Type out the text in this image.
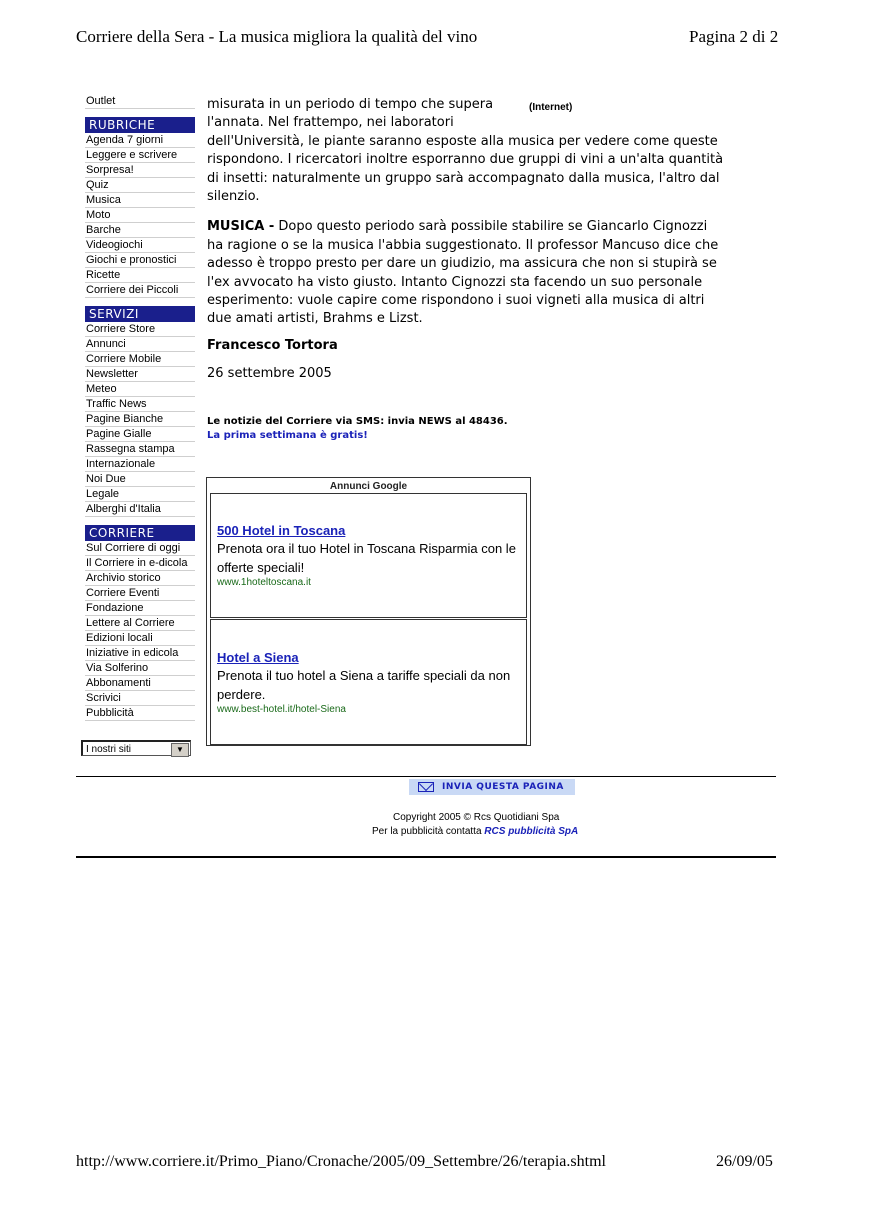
Corriere della Sera - La musica migliora la qualità del vino	Pagina 2 di 2
Outlet
RUBRICHE
Agenda 7 giorni
Leggere e scrivere
Sorpresa!
Quiz
Musica
Moto
Barche
Videogiochi
Giochi e pronostici
Ricette
Corriere dei Piccoli
SERVIZI
Corriere Store
Annunci
Corriere Mobile
Newsletter
Meteo
Traffic News
Pagine Bianche
Pagine Gialle
Rassegna stampa
Internazionale
Noi Due
Legale
Alberghi d'Italia
CORRIERE
Sul Corriere di oggi
Il Corriere in e-dicola
Archivio storico
Corriere Eventi
Fondazione
Lettere al Corriere
Edizioni locali
Iniziative in edicola
Via Solferino
Abbonamenti
Scrivici
Pubblicità
I nostri siti	▼

misurata in un periodo di tempo che supera
l'annata. Nel frattempo, nei laboratori
dell'Università, le piante saranno esposte alla musica per vedere come queste rispondono. I ricercatori inoltre esporranno due gruppi di vini a un'alta quantità di insetti: naturalmente un gruppo sarà accompagnato dalla musica, l'altro dal silenzio.

MUSICA - Dopo questo periodo sarà possibile stabilire se Giancarlo Cignozzi ha ragione o se la musica l'abbia suggestionato. Il professor Mancuso dice che adesso è troppo presto per dare un giudizio, ma assicura che non si stupirà se l'ex avvocato ha visto giusto. Intanto Cignozzi sta facendo un suo personale esperimento: vuole capire come rispondono i suoi vigneti alla musica di altri due amati artisti, Brahms e Lizst.

(Internet)
Francesco Tortora
26 settembre 2005
Le notizie del Corriere via SMS: invia NEWS al 48436.
La prima settimana è gratis!
Annunci Google
500 Hotel in Toscana
Prenota ora il tuo Hotel in Toscana Risparmia con le offerte speciali!
www.1hoteltoscana.it
Hotel a Siena
Prenota il tuo hotel a Siena a tariffe speciali da non perdere.
www.best-hotel.it/hotel-Siena
INVIA QUESTA PAGINA
Copyright 2005 © Rcs Quotidiani Spa
Per la pubblicità contatta RCS pubblicità SpA
http://www.corriere.it/Primo_Piano/Cronache/2005/09_Settembre/26/terapia.shtml	26/09/05
